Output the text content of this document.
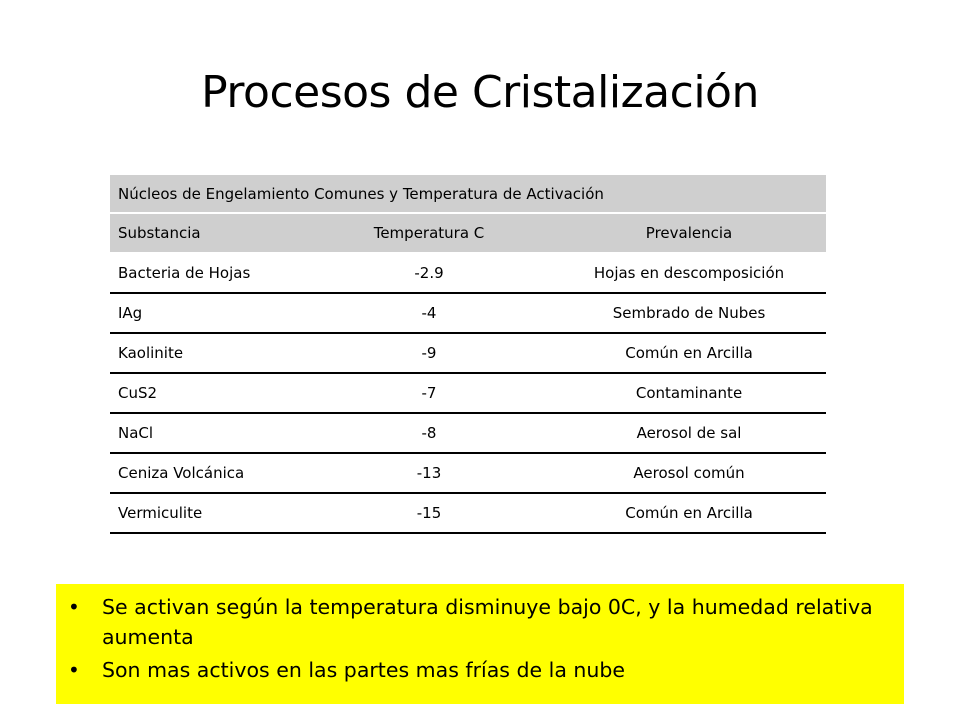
Procesos de Cristalización
Núcleos de Engelamiento Comunes y Temperatura de Activación		
Substancia	Temperatura C	Prevalencia
Bacteria de Hojas	-2.9	Hojas en descomposición
IAg	-4	Sembrado de Nubes
Kaolinite	-9	Común en Arcilla
CuS2	-7	Contaminante
NaCl	-8	Aerosol de sal
Ceniza Volcánica	-13	Aerosol común
Vermiculite	-15	Común en Arcilla
• Se activan según la temperatura disminuye bajo 0C, y la humedad relativa aumenta
• Son mas activos en las partes mas frías de la nube
